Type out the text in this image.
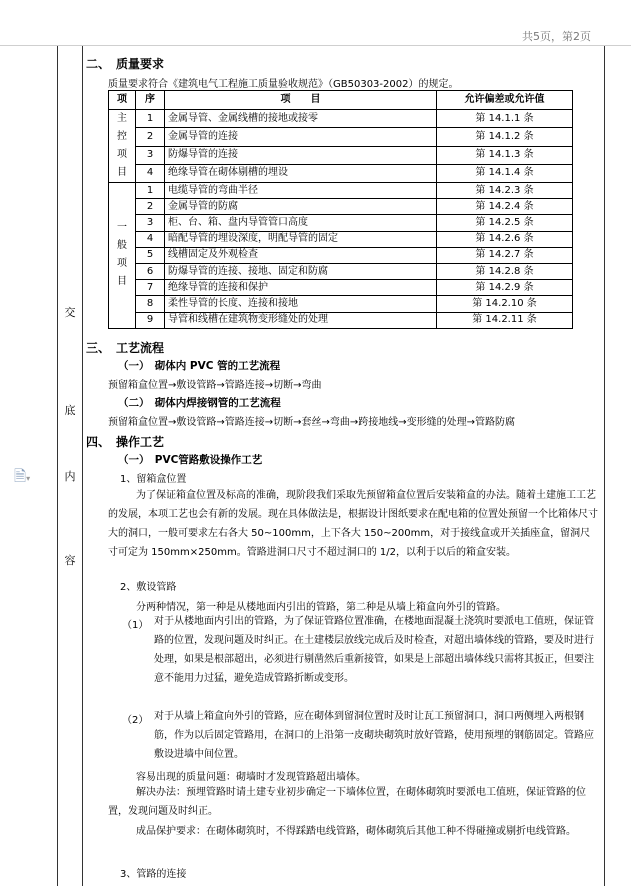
共5页，第2页
🗎▾
交
底
内
容
二、　质量要求
质量要求符合《建筑电气工程施工质量验收规范》（GB50303-2002）的规定。
项	序	项　　目	允许偏差或允许值
主
控
项
目	1	金属导管、金属线槽的接地或接零	第 14.1.1 条
	2	金属导管的连接	第 14.1.2 条
	3	防爆导管的连接	第 14.1.3 条
	4	绝缘导管在砌体剔槽的埋设	第 14.1.4 条
一
般
项
目	1	电缆导管的弯曲半径	第 14.2.3 条
	2	金属导管的防腐	第 14.2.4 条
	3	柜、台、箱、盘内导管管口高度	第 14.2.5 条
	4	暗配导管的埋设深度，明配导管的固定	第 14.2.6 条
	5	线槽固定及外观检查	第 14.2.7 条
	6	防爆导管的连接、接地、固定和防腐	第 14.2.8 条
	7	绝缘导管的连接和保护	第 14.2.9 条
	8	柔性导管的长度、连接和接地	第 14.2.10 条
	9	导管和线槽在建筑物变形缝处的处理	第 14.2.11 条
三、　工艺流程
（一）　砌体内 PVC 管的工艺流程
预留箱盒位置→敷设管路→管路连接→切断→弯曲
（二）　砌体内焊接钢管的工艺流程
预留箱盒位置→敷设管路→管路连接→切断→套丝→弯曲→跨接地线→变形缝的处理→管路防腐
四、　操作工艺
（一）　PVC管路敷设操作工艺
1、留箱盒位置
为了保证箱盒位置及标高的准确，现阶段我们采取先预留箱盒位置后安装箱盒的办法。随着土建施工工艺的发展，本项工艺也会有新的发展。现在具体做法是，根据设计图纸要求在配电箱的位置处预留一个比箱体尺寸大的洞口，一般可要求左右各大 50~100mm，上下各大 150~200mm，对于接线盒或开关插座盒，留洞尺寸可定为 150mm×250mm。管路进洞口尺寸不超过洞口的 1/2，以利于以后的箱盒安装。
2、敷设管路
分两种情况，第一种是从楼地面内引出的管路，第二种是从墙上箱盒向外引的管路。
（1） 对于从楼地面内引出的管路，为了保证管路位置准确，在楼地面混凝土浇筑时要派电工值班，保证管路的位置，发现问题及时纠正。在土建楼层放线完成后及时检查，对超出墙体线的管路，要及时进行处理，如果是根部超出，必须进行剔凿然后重新接管，如果是上部超出墙体线只需将其扳正，但要注意不能用力过猛，避免造成管路折断或变形。
（2） 对于从墙上箱盒向外引的管路，应在砌体到留洞位置时及时让瓦工预留洞口，洞口两侧埋入两根钢筋，作为以后固定管路用，在洞口的上沿第一皮砌块砌筑时放好管路，使用预埋的钢筋固定。管路应敷设进墙中间位置。
容易出现的质量问题：砌墙时才发现管路超出墙体。
解决办法：预埋管路时请土建专业初步确定一下墙体位置，在砌体砌筑时要派电工值班，保证管路的位置，发现问题及时纠正。
成品保护要求：在砌体砌筑时，不得踩踏电线管路，砌体砌筑后其他工种不得碰撞或剔折电线管路。
3、管路的连接
